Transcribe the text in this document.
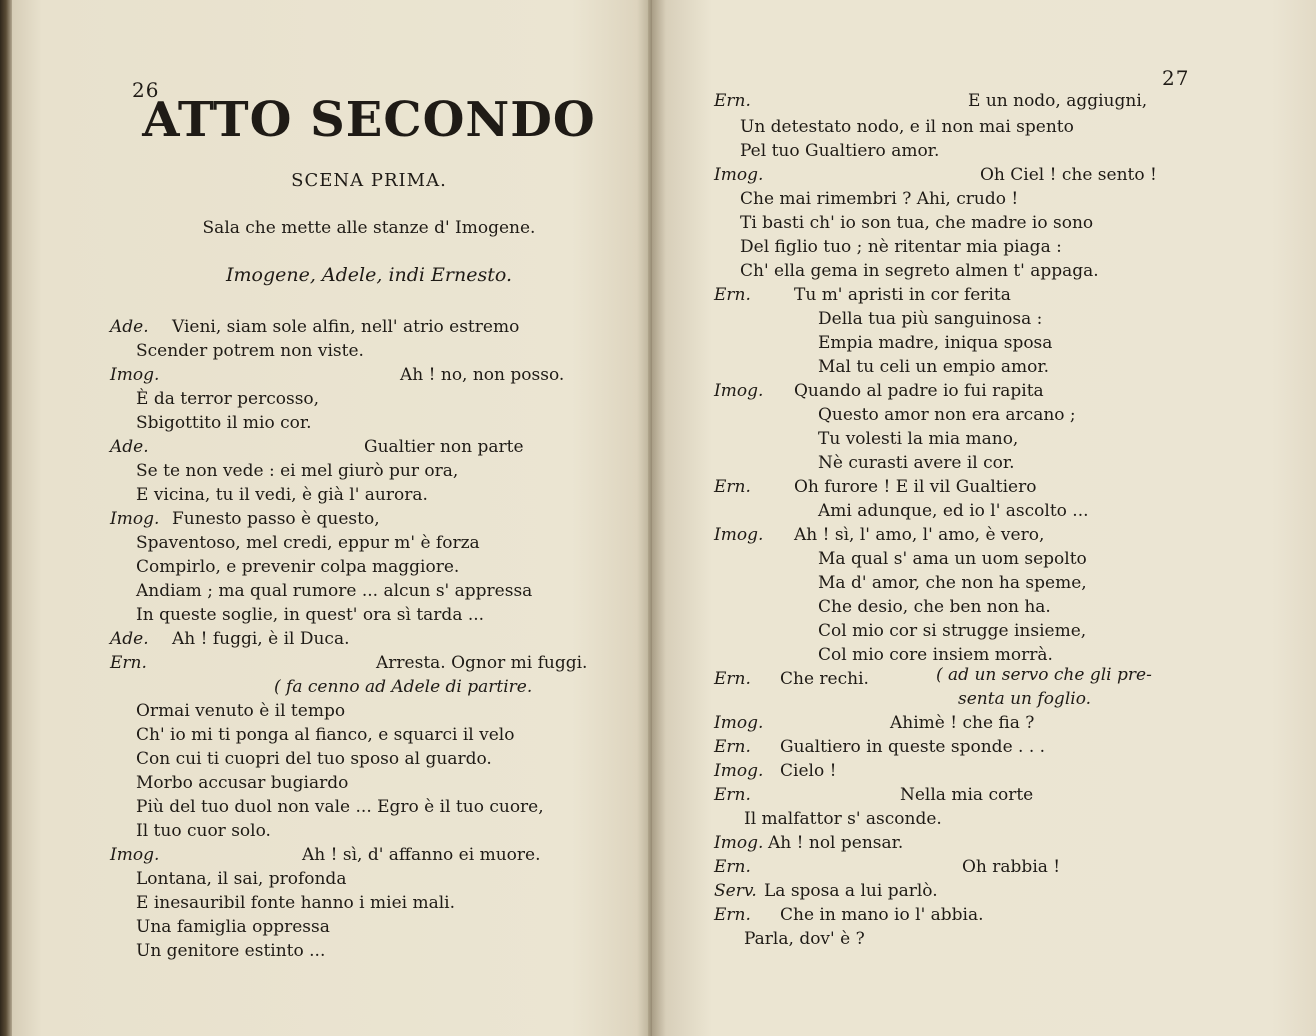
26
ATTO SECONDO
SCENA PRIMA.
Sala che mette alle stanze d' Imogene.
Imogene, Adele, indi Ernesto.
Ade. Vieni, siam sole alfin, nell' atrio estremo
Scender potrem non viste.
Imog.	Ah ! no, non posso.
È da terror percosso,
Sbigottito il mio cor.
Ade.	Gualtier non parte
Se te non vede : ei mel giurò pur ora,
E vicina, tu il vedi, è già l' aurora.
Imog. Funesto passo è questo,
Spaventoso, mel credi, eppur m' è forza
Compirlo, e prevenir colpa maggiore.
Andiam ; ma qual rumore ... alcun s' appressa
In queste soglie, in quest' ora sì tarda ...
Ade. Ah ! fuggi, è il Duca.
Ern.	Arresta. Ognor mi fuggi.
( fa cenno ad Adele di partire.
Ormai venuto è il tempo
Ch' io mi ti ponga al fianco, e squarci il velo
Con cui ti cuopri del tuo sposo al guardo.
Morbo accusar bugiardo
Più del tuo duol non vale ... Egro è il tuo cuore,
Il tuo cuor solo.
Imog.	Ah ! sì, d' affanno ei muore.
Lontana, il sai, profonda
E inesauribil fonte hanno i miei mali.
Una famiglia oppressa
Un genitore estinto ...
27
Ern.	E un nodo, aggiugni,
Un detestato nodo, e il non mai spento
Pel tuo Gualtiero amor.
Imog.	Oh Ciel ! che sento !
Che mai rimembri ? Ahi, crudo !
Ti basti ch' io son tua, che madre io sono
Del figlio tuo ; nè ritentar mia piaga :
Ch' ella gema in segreto almen t' appaga.
Ern.	Tu m' apristi in cor ferita
Della tua più sanguinosa :
Empia madre, iniqua sposa
Mal tu celi un empio amor.
Imog. Quando al padre io fui rapita
Questo amor non era arcano ;
Tu volesti la mia mano,
Nè curasti avere il cor.
Ern.	Oh furore ! E il vil Gualtiero
Ami adunque, ed io l' ascolto ...
Imog. Ah ! sì, l' amo, l' amo, è vero,
Ma qual s' ama un uom sepolto
Ma d' amor, che non ha speme,
Che desio, che ben non ha.
Col mio cor si strugge insieme,
Col mio core insiem morrà.
Ern. Che rechi.	( ad un servo che gli pre-
senta un foglio.
Imog.	Ahimè ! che fia ?
Ern. Gualtiero in queste sponde . . .
Imog. Cielo !
Ern.	Nella mia corte
Il malfattor s' asconde.
Imog. Ah ! nol pensar.
Ern.	Oh rabbia !
Serv. La sposa a lui parlò.
Ern. Che in mano io l' abbia.
Parla, dov' è ?
